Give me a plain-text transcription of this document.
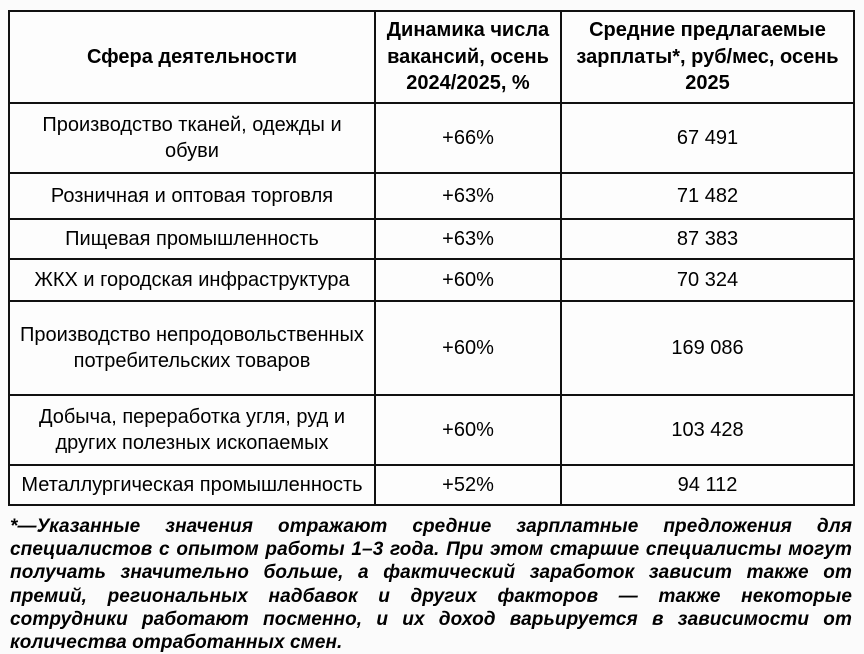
Сфера деятельности	Динамика числа вакансий, осень 2024/2025, %	Средние предлагаемые зарплаты*, руб/мес, осень 2025
Производство тканей, одежды и обуви	+66%	67 491
Розничная и оптовая торговля	+63%	71 482
Пищевая промышленность	+63%	87 383
ЖКХ и городская инфраструктура	+60%	70 324
Производство непродовольственных потребительских товаров	+60%	169 086
Добыча, переработка угля, руд и других полезных ископаемых	+60%	103 428
Металлургическая промышленность	+52%	94 112

*—Указанные значения отражают средние зарплатные предложения для специалистов с опытом работы 1–3 года. При этом старшие специалисты могут получать значительно больше, а фактический заработок зависит также от премий, региональных надбавок и других факторов — также некоторые сотрудники работают посменно, и их доход варьируется в зависимости от количества отработанных смен.
